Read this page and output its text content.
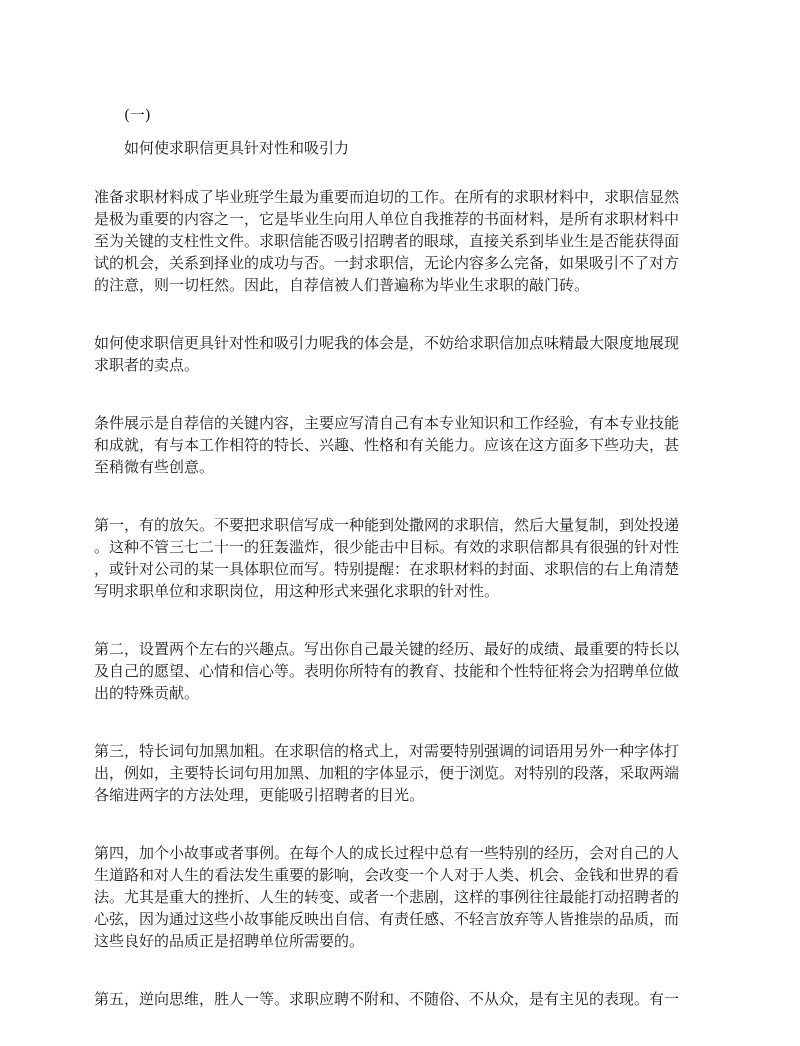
(一)
如何使求职信更具针对性和吸引力
准备求职材料成了毕业班学生最为重要而迫切的工作。在所有的求职材料中，求职信显然
是极为重要的内容之一，它是毕业生向用人单位自我推荐的书面材料，是所有求职材料中
至为关键的支柱性文件。求职信能否吸引招聘者的眼球，直接关系到毕业生是否能获得面
试的机会，关系到择业的成功与否。一封求职信，无论内容多么完备，如果吸引不了对方
的注意，则一切枉然。因此，自荐信被人们普遍称为毕业生求职的敲门砖。
如何使求职信更具针对性和吸引力呢我的体会是，不妨给求职信加点味精最大限度地展现
求职者的卖点。
条件展示是自荐信的关键内容，主要应写清自己有本专业知识和工作经验，有本专业技能
和成就，有与本工作相符的特长、兴趣、性格和有关能力。应该在这方面多下些功夫，甚
至稍微有些创意。
第一，有的放矢。不要把求职信写成一种能到处撒网的求职信，然后大量复制，到处投递
。这种不管三七二十一的狂轰滥炸，很少能击中目标。有效的求职信都具有很强的针对性
，或针对公司的某一具体职位而写。特别提醒：在求职材料的封面、求职信的右上角清楚
写明求职单位和求职岗位，用这种形式来强化求职的针对性。
第二，设置两个左右的兴趣点。写出你自己最关键的经历、最好的成绩、最重要的特长以
及自己的愿望、心情和信心等。表明你所特有的教育、技能和个性特征将会为招聘单位做
出的特殊贡献。
第三，特长词句加黑加粗。在求职信的格式上，对需要特别强调的词语用另外一种字体打
出，例如，主要特长词句用加黑、加粗的字体显示，便于浏览。对特别的段落，采取两端
各缩进两字的方法处理，更能吸引招聘者的目光。
第四，加个小故事或者事例。在每个人的成长过程中总有一些特别的经历，会对自己的人
生道路和对人生的看法发生重要的影响，会改变一个人对于人类、机会、金钱和世界的看
法。尤其是重大的挫折、人生的转变、或者一个悲剧，这样的事例往往最能打动招聘者的
心弦，因为通过这些小故事能反映出自信、有责任感、不轻言放弃等人皆推崇的品质，而
这些良好的品质正是招聘单位所需要的。
第五，逆向思维，胜人一等。求职应聘不附和、不随俗、不从众，是有主见的表现。有一
